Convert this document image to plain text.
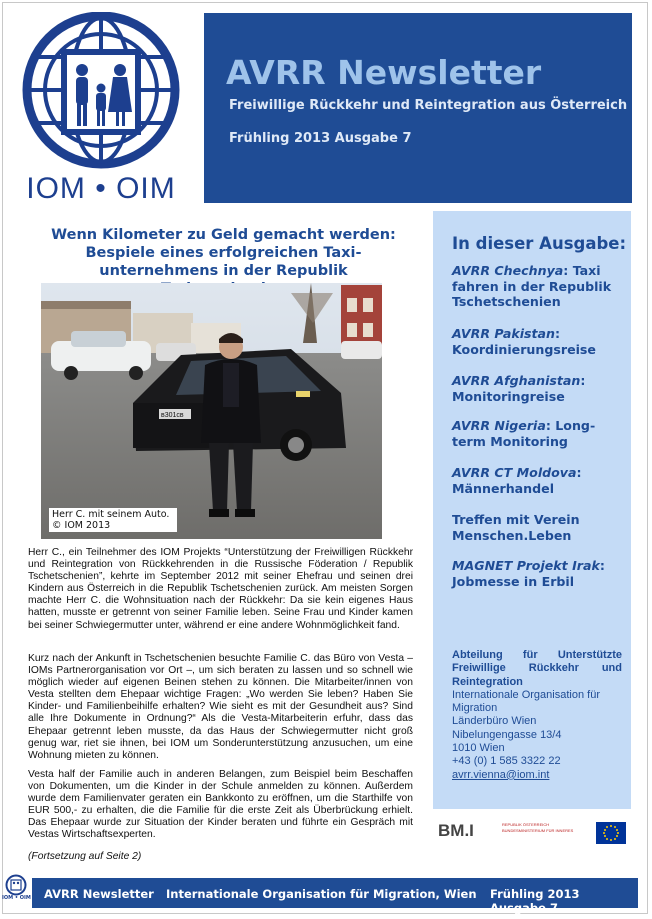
IOM • OIM
AVRR Newsletter
Freiwillige Rückkehr und Reintegration aus Österreich
Frühling 2013 Ausgabe 7
Wenn Kilometer zu Geld gemacht werden:
Bespiele eines erfolgreichen Taxi-
unternehmens in der Republik
в301св
Herr C. mit seinem Auto.
© IOM 2013
Herr C., ein Teilnehmer des IOM Projekts “Unterstützung der Freiwilligen Rückkehr und Reintegration von Rückkehrenden in die Russische Föderation / Republik Tschetschenien”, kehrte im September 2012 mit seiner Ehefrau und seinen drei Kindern aus Österreich in die Republik Tschetschenien zurück. Am meisten Sorgen machte Herr C. die Wohnsituation nach der Rückkehr: Da sie kein eigenes Haus hatten, musste er getrennt von seiner Familie leben. Seine Frau und Kinder kamen bei seiner Schwiegermutter unter, während er eine andere Wohnmöglichkeit fand.
Kurz nach der Ankunft in Tschetschenien besuchte Familie C. das Büro von Vesta – IOMs Partnerorganisation vor Ort –, um sich beraten zu lassen und so schnell wie möglich wieder auf eigenen Beinen stehen zu können. Die Mitarbeiter/innen von Vesta stellten dem Ehepaar wichtige Fragen: „Wo werden Sie leben? Haben Sie Kinder- und Familienbeihilfe erhalten? Wie sieht es mit der Gesundheit aus? Sind alle Ihre Dokumente in Ordnung?“ Als die Vesta-Mitarbeiterin erfuhr, dass das Ehepaar getrennt leben musste, da das Haus der Schwiegermutter nicht groß genug war, riet sie ihnen, bei IOM um Sonderunterstützung anzusuchen, um eine Wohnung mieten zu können.
Vesta half der Familie auch in anderen Belangen, zum Beispiel beim Beschaffen von Dokumenten, um die Kinder in der Schule anmelden zu können. Außerdem wurde dem Familienvater geraten ein Bankkonto zu eröffnen, um die Starthilfe von EUR 500,- zu erhalten, die die Familie für die erste Zeit als Überbrückung erhielt. Das Ehepaar wurde zur Situation der Kinder beraten und führte ein Gespräch mit Vestas Wirtschaftsexperten.
(Fortsetzung auf Seite 2)
In dieser Ausgabe:
AVRR Chechnya: Taxi fahren in der Republik Tschetschenien
AVRR Pakistan: Koordinierungsreise
AVRR Afghanistan: Monitoringreise
AVRR Nigeria: Long-term Monitoring
AVRR CT Moldova: Männerhandel
Treffen mit Verein Menschen.Leben
MAGNET Projekt Irak: Jobmesse in Erbil
Abteilung für Unterstützte Freiwillige Rückkehr und Reintegration
Internationale Organisation für Migration
Länderbüro Wien
Nibelungengasse 13/4
1010 Wien
+43 (0) 1 585 3322 22
avrr.vienna@iom.int
BM.I	REPUBLIK ÖSTERREICH BUNDESMINISTERIUM FÜR INNERES
IOM • OIM AVRR Newsletter Internationale Organisation für Migration, Wien Frühling 2013 Ausgabe 7
